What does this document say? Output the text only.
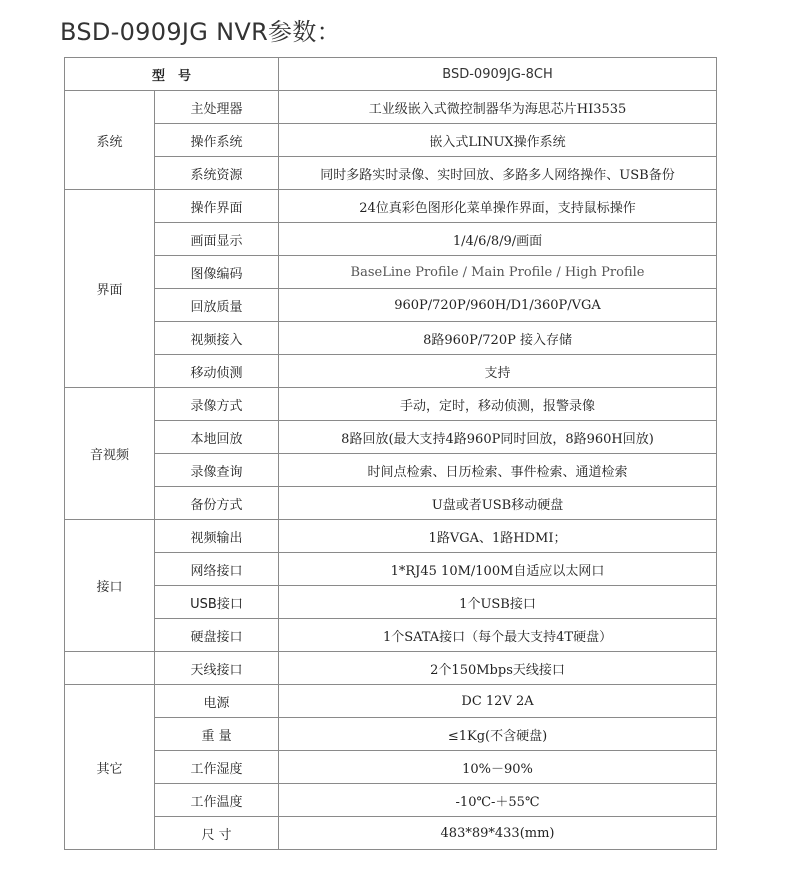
BSD-0909JG NVR参数：
型　号		BSD-0909JG-8CH
系统	主处理器	工业级嵌入式微控制器华为海思芯片HI3535
	操作系统	嵌入式LINUX操作系统
	系统资源	同时多路实时录像、实时回放、多路多人网络操作、USB备份
界面	操作界面	24位真彩色图形化菜单操作界面，支持鼠标操作
	画面显示	1/4/6/8/9/画面
	图像编码	BaseLine Profile / Main Profile / High Profile
	回放质量	960P/720P/960H/D1/360P/VGA
	视频接入	8路960P/720P 接入存储
	移动侦测	支持
音视频	录像方式	手动，定时，移动侦测，报警录像
	本地回放	8路回放(最大支持4路960P同时回放，8路960H回放)
	录像查询	时间点检索、日历检索、事件检索、通道检索
	备份方式	U盘或者USB移动硬盘
接口	视频输出	1路VGA、1路HDMI；
	网络接口	1*RJ45 10M/100M自适应以太网口
	USB接口	1个USB接口
	硬盘接口	1个SATA接口（每个最大支持4T硬盘）
	天线接口	2个150Mbps天线接口
其它	电源	DC 12V 2A
	重 量	≤1Kg(不含硬盘)
	工作湿度	10%－90%
	工作温度	-10℃-＋55℃
	尺 寸	483*89*433(mm)
